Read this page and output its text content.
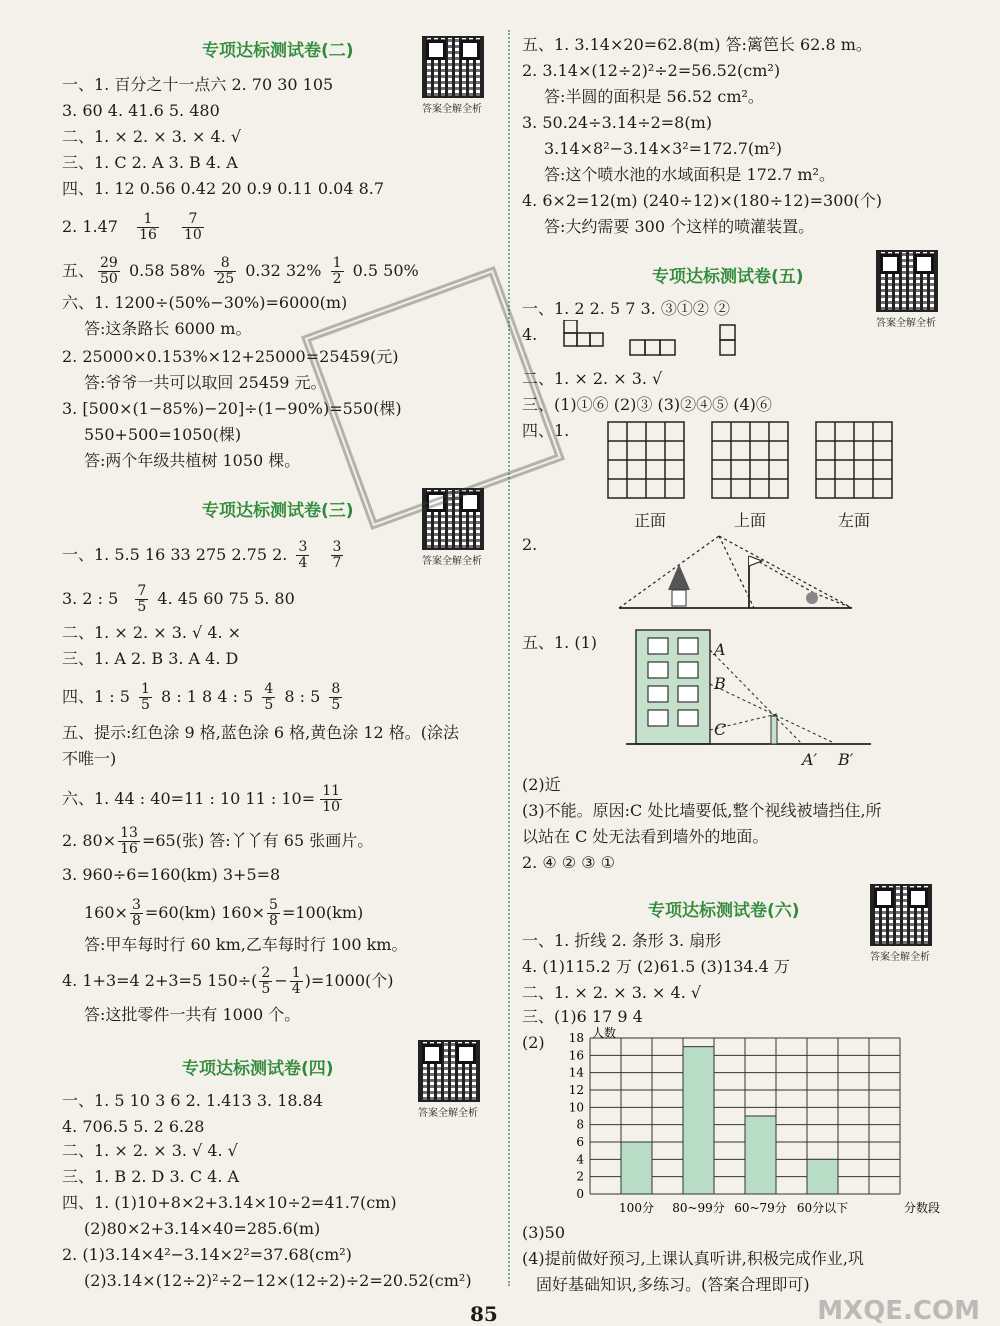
专项达标测试卷(二)
答案全解全析
一、1. 百分之十一点六 2. 70 30 105
3. 60 4. 41.6 5. 480
二、1. × 2. × 3. × 4. √
三、1. C 2. A 3. B 4. A
四、1. 12 0.56 0.42 20 0.9 0.11 0.04 8.7
2. $1.47 \frac{1}{16}$
$\frac{7}{10}$
五、 $\frac{29}{50} 0.58$ $58\% \frac{8}{25} 0.32$ $32\% \frac{1}{2} 0.5$ 50%
六、1. 1200÷(50%−30%)=6000(m)
答:这条路长 6000 m。
2. 25000×0.153%×12+25000=25459(元)
答:爷爷一共可以取回 25459 元。
3. [500×(1−85%)−20]÷(1−90%)=550(棵)
550+500=1050(棵)
答:两个年级共植树 1050 棵。
专项达标测试卷(三)
答案全解全析
一、1. 5.5 16 33 275 2.75 2. $\frac{3}{4}$
$\frac{3}{7}$
3. 2 : $5 \frac{7}{5} 4$. 45 60 75 5. 80
二、1. × 2. × 3. √ 4. ×
三、1. A 2. B 3. A 4. D
四、1 : $5 \frac{1}{5} 8$ : 1 8 4 : $5 \frac{4}{5} 8$ : $5 \frac{8}{5}$
五、提示:红色涂 9 格,蓝色涂 6 格,黄色涂 12 格。(涂法
不唯一)
六、1. 44 : 40=11 : 10 11 : $10= \frac{11}{10}$
2. $80\times \frac{13}{16} =65$(张) 答:丫丫有 65 张画片。
3. 960÷6=160(km) 3+5=8
$160\times \frac{3}{8} =60(km)$ $160\times \frac{5}{8} =100(km)$
答:甲车每时行 60 km,乙车每时行 100 km。
4. 1+3=4 2+3=5 $150\div( \frac{2}{5} - \frac{1}{4} )=1000$(个)
答:这批零件一共有 1000 个。
专项达标测试卷(四)
答案全解全析
一、1. 5 10 3 6 2. 1.413 3. 18.84
4. 706.5 5. 2 6.28
二、1. × 2. × 3. √ 4. √
三、1. B 2. D 3. C 4. A
四、1. (1)10+8×2+3.14×10÷2=41.7(cm)
(2)80×2+3.14×40=285.6(m)
2. (1)3.14×4²−3.14×2²=37.68(cm²)
(2)3.14×(12÷2)²÷2−12×(12÷2)÷2=20.52(cm²)
五、1. 3.14×20=62.8(m) 答:篱笆长 62.8 m。
2. 3.14×(12÷2)²÷2=56.52(cm²)
答:半圆的面积是 56.52 cm²。
3. 50.24÷3.14÷2=8(m)
3.14×8²−3.14×3²=172.7(m²)
答:这个喷水池的水域面积是 172.7 m²。
4. 6×2=12(m) (240÷12)×(180÷12)=300(个)
答:大约需要 300 个这样的喷灌装置。
专项达标测试卷(五)
答案全解全析
一、1. 2 2. 5 7 3. ③①② ②
4.
二、1. × 2. × 3. √
三、(1)①⑥ (2)③ (3)②④⑤ (4)⑥
四、1.
正面	上面	左面
2.
五、1. (1)	A
B
C
A′ B′
(2)近
(3)不能。原因:C 处比墙要低,整个视线被墙挡住,所
以站在 C 处无法看到墙外的地面。
2. ④ ② ③ ①
专项达标测试卷(六)
答案全解全析
一、1. 折线 2. 条形 3. 扇形
4. (1)115.2 万 (2)61.5 (3)134.4 万
二、1. × 2. × 3. × 4. √
三、(1)6 17 9 4
(2)
0
2
4
6
8
10
12
14
16
18 人数
100分 80~99分 60~79分 60分以下	分数段
(3)50
(4)提前做好预习,上课认真听讲,积极完成作业,巩
固好基础知识,多练习。(答案合理即可)
85	MXQE.COM
